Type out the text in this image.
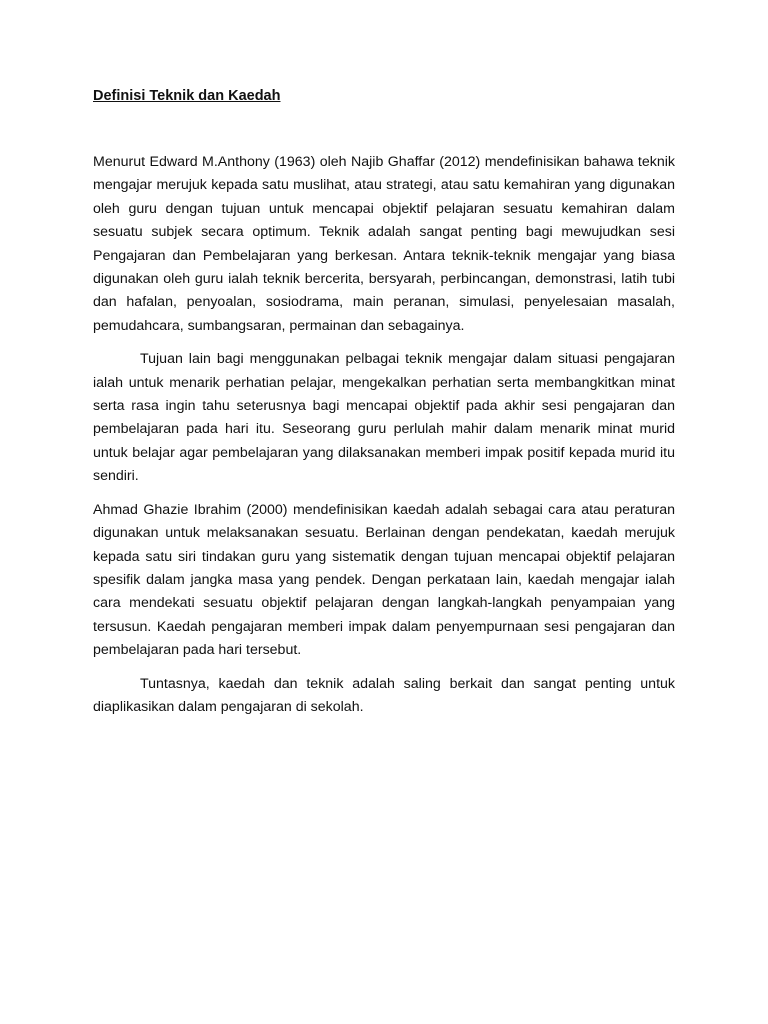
Definisi Teknik dan Kaedah

Menurut Edward M.Anthony (1963) oleh Najib Ghaffar (2012) mendefinisikan bahawa teknik mengajar merujuk kepada satu muslihat, atau strategi, atau satu kemahiran yang digunakan oleh guru dengan tujuan untuk mencapai objektif pelajaran sesuatu kemahiran dalam sesuatu subjek secara optimum. Teknik adalah sangat penting bagi mewujudkan sesi Pengajaran dan Pembelajaran yang berkesan. Antara teknik-teknik mengajar yang biasa digunakan oleh guru ialah teknik bercerita, bersyarah, perbincangan, demonstrasi, latih tubi dan hafalan, penyoalan, sosiodrama, main peranan, simulasi, penyelesaian masalah, pemudahcara, sumbangsaran, permainan dan sebagainya.

Tujuan lain bagi menggunakan pelbagai teknik mengajar dalam situasi pengajaran ialah untuk menarik perhatian pelajar, mengekalkan perhatian serta membangkitkan minat serta rasa ingin tahu seterusnya bagi mencapai objektif pada akhir sesi pengajaran dan pembelajaran pada hari itu. Seseorang guru perlulah mahir dalam menarik minat murid untuk belajar agar pembelajaran yang dilaksanakan memberi impak positif kepada murid itu sendiri.

Ahmad Ghazie Ibrahim (2000) mendefinisikan kaedah adalah sebagai cara atau peraturan digunakan untuk melaksanakan sesuatu. Berlainan dengan pendekatan, kaedah merujuk kepada satu siri tindakan guru yang sistematik dengan tujuan mencapai objektif pelajaran spesifik dalam jangka masa yang pendek. Dengan perkataan lain, kaedah mengajar ialah cara mendekati sesuatu objektif pelajaran dengan langkah-langkah penyampaian yang tersusun. Kaedah pengajaran memberi impak dalam penyempurnaan sesi pengajaran dan pembelajaran pada hari tersebut.

Tuntasnya, kaedah dan teknik adalah saling berkait dan sangat penting untuk diaplikasikan dalam pengajaran di sekolah.
